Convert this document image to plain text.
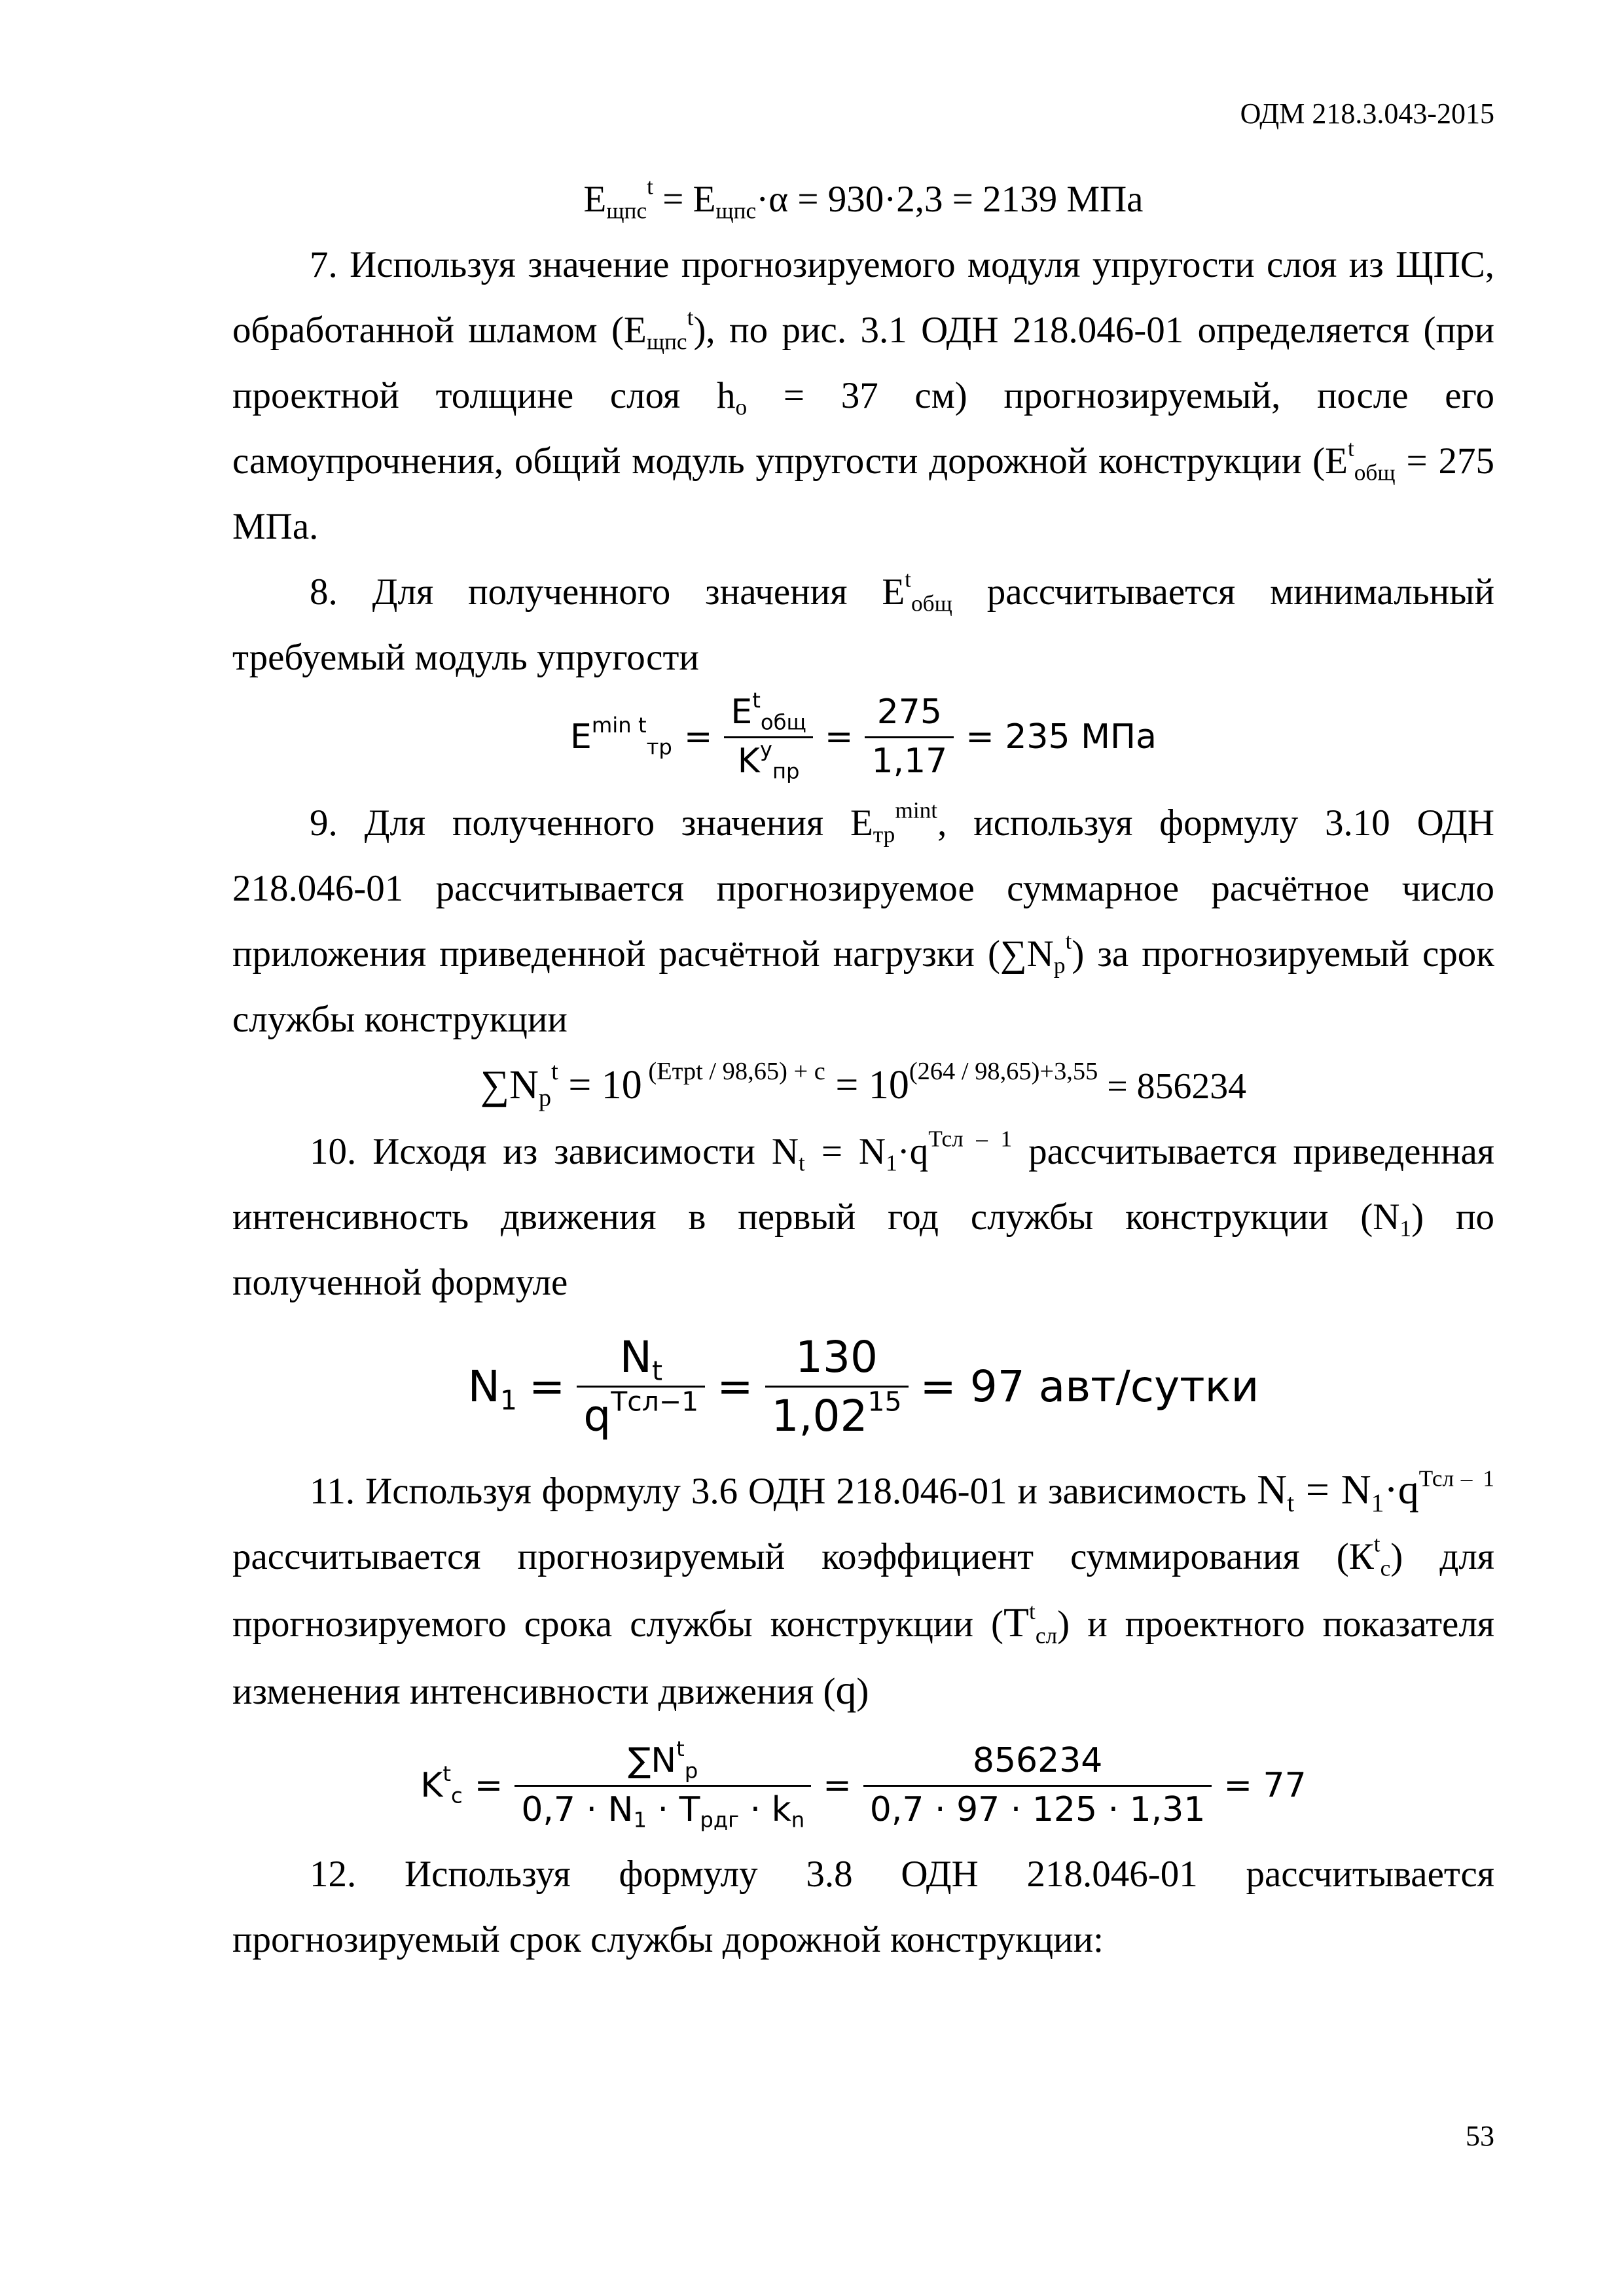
ОДМ 218.3.043-2015

$Е_{щпс}^t = Е_{щпс}\cdot\alpha = 930\cdot 2,3 = 2139$ МПа

7. Используя значение прогнозируемого модуля упругости слоя из ЩПС, обработанной шламом $(Е_{щпс}^t)$, по рис. 3.1 ОДН 218.046-01 определяется (при проектной толщине слоя $h_о = 37$ см) прогнозируемый, после его самоупрочнения, общий модуль упругости дорожной конструкции ($Е^t_{общ} = 275$ МПа.

8. Для полученного значения $Е^t_{общ}$ рассчитывается минимальный требуемый модуль упругости

$E^{min t}_{тр} = \frac{E^t_{общ}}{K^у_{пр}} = \frac{275}{1,17} = 235$ МПа

9. Для полученного значения $Е_{тр}^{mint}$, используя формулу 3.10 ОДН 218.046-01 рассчитывается прогнозируемое суммарное расчётное число приложения приведенной расчётной нагрузки $(\sum N_р^t)$ за прогнозируемый срок службы конструкции

$\sum N_р^t = 10$ $^{(Етрt / 98,65) + с} = 10^{(264 / 98,65)+3,55} = 856234$

10. Исходя из зависимости $N_t = N_1\cdot q^{Тсл - 1}$ рассчитывается приведенная интенсивность движения в первый год службы конструкции $(N_1)$ по полученной формуле

$N_1 = \frac{N_t}{q^{Тсл-1}} = \frac{130}{1,02^{15}} = 97$ авт/сутки

11. Используя формулу 3.6 ОДН 218.046-01 и зависимость $N_t = N_1\cdot q^{Тсл -}$ $^1$ рассчитывается прогнозируемый коэффициент суммирования $(К^t_с)$ для прогнозируемого срока службы конструкции $(Т^t_{сл})$ и проектного показателя изменения интенсивности движения (q)

$K^t_c = \frac{\sum N^t_p}{0,7 \cdot N_1 \cdot T_{рдг} \cdot k_n} = \frac{856234}{0,7 \cdot 97 \cdot 125 \cdot 1,31} = 77$

12. Используя формулу 3.8 ОДН 218.046-01 рассчитывается прогнозируемый срок службы дорожной конструкции:

53
